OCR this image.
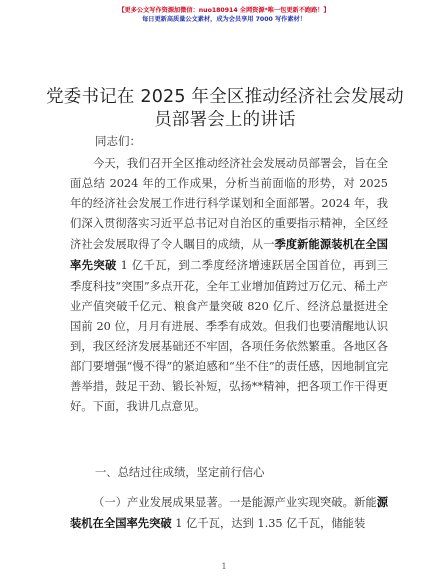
【更多公文写作资源加微信：nuo180914 全网资源*唯一包更新不跑路！】
每日更新高质量公文素材，成为会员享用 7000 写作素材！
党委书记在 2025 年全区推动经济社会发展动员部署会上的讲话
同志们：
今天，我们召开全区推动经济社会发展动员部署会，旨在全面总结 2024 年的工作成果，分析当前面临的形势，对 2025 年的经济社会发展工作进行科学谋划和全面部署。2024 年，我们深入贯彻落实习近平总书记对自治区的重要指示精神，全区经济社会发展取得了令人瞩目的成绩，从一季度新能源装机在全国率先突破 1 亿千瓦，到二季度经济增速跃居全国首位，再到三季度科技“突围”多点开花，全年工业增加值跨过万亿元、稀土产业产值突破千亿元、粮食产量突破 820 亿斤、经济总量挺进全国前 20 位，月月有进展、季季有成效。但我们也要清醒地认识到，我区经济发展基础还不牢固，各项任务依然繁重。各地区各部门要增强“慢不得”的紧迫感和“坐不住”的责任感，因地制宜完善举措，鼓足干劲、锻长补短，弘扬**精神，把各项工作干得更好。下面，我讲几点意见。
一、总结过往成绩，坚定前行信心
（一）产业发展成果显著。一是能源产业实现突破。新能源装机在全国率先突破 1 亿千瓦，达到 1.35 亿千瓦，储能装
1
